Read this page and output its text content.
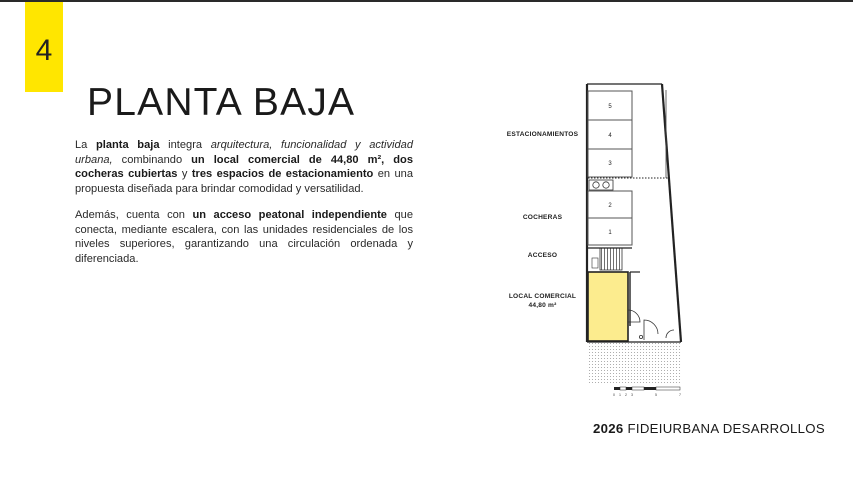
4
PLANTA BAJA

La planta baja integra arquitectura, funcionalidad y actividad urbana, combinando un local comercial de 44,80 m², dos cocheras cubiertas y tres espacios de estacionamiento en una propuesta diseñada para brindar comodidad y versatilidad.

Además, cuenta con un acceso peatonal independiente que conecta, mediante escalera, con las unidades residenciales de los niveles superiores, garantizando una circulación ordenada y diferenciada.

ESTACIONAMIENTOS
COCHERAS
ACCESO
LOCAL COMERCIAL
44,80 m²
5
4
3
2
1
0 1 2 3	5	7
2026 FIDEIURBANA DESARROLLOS
